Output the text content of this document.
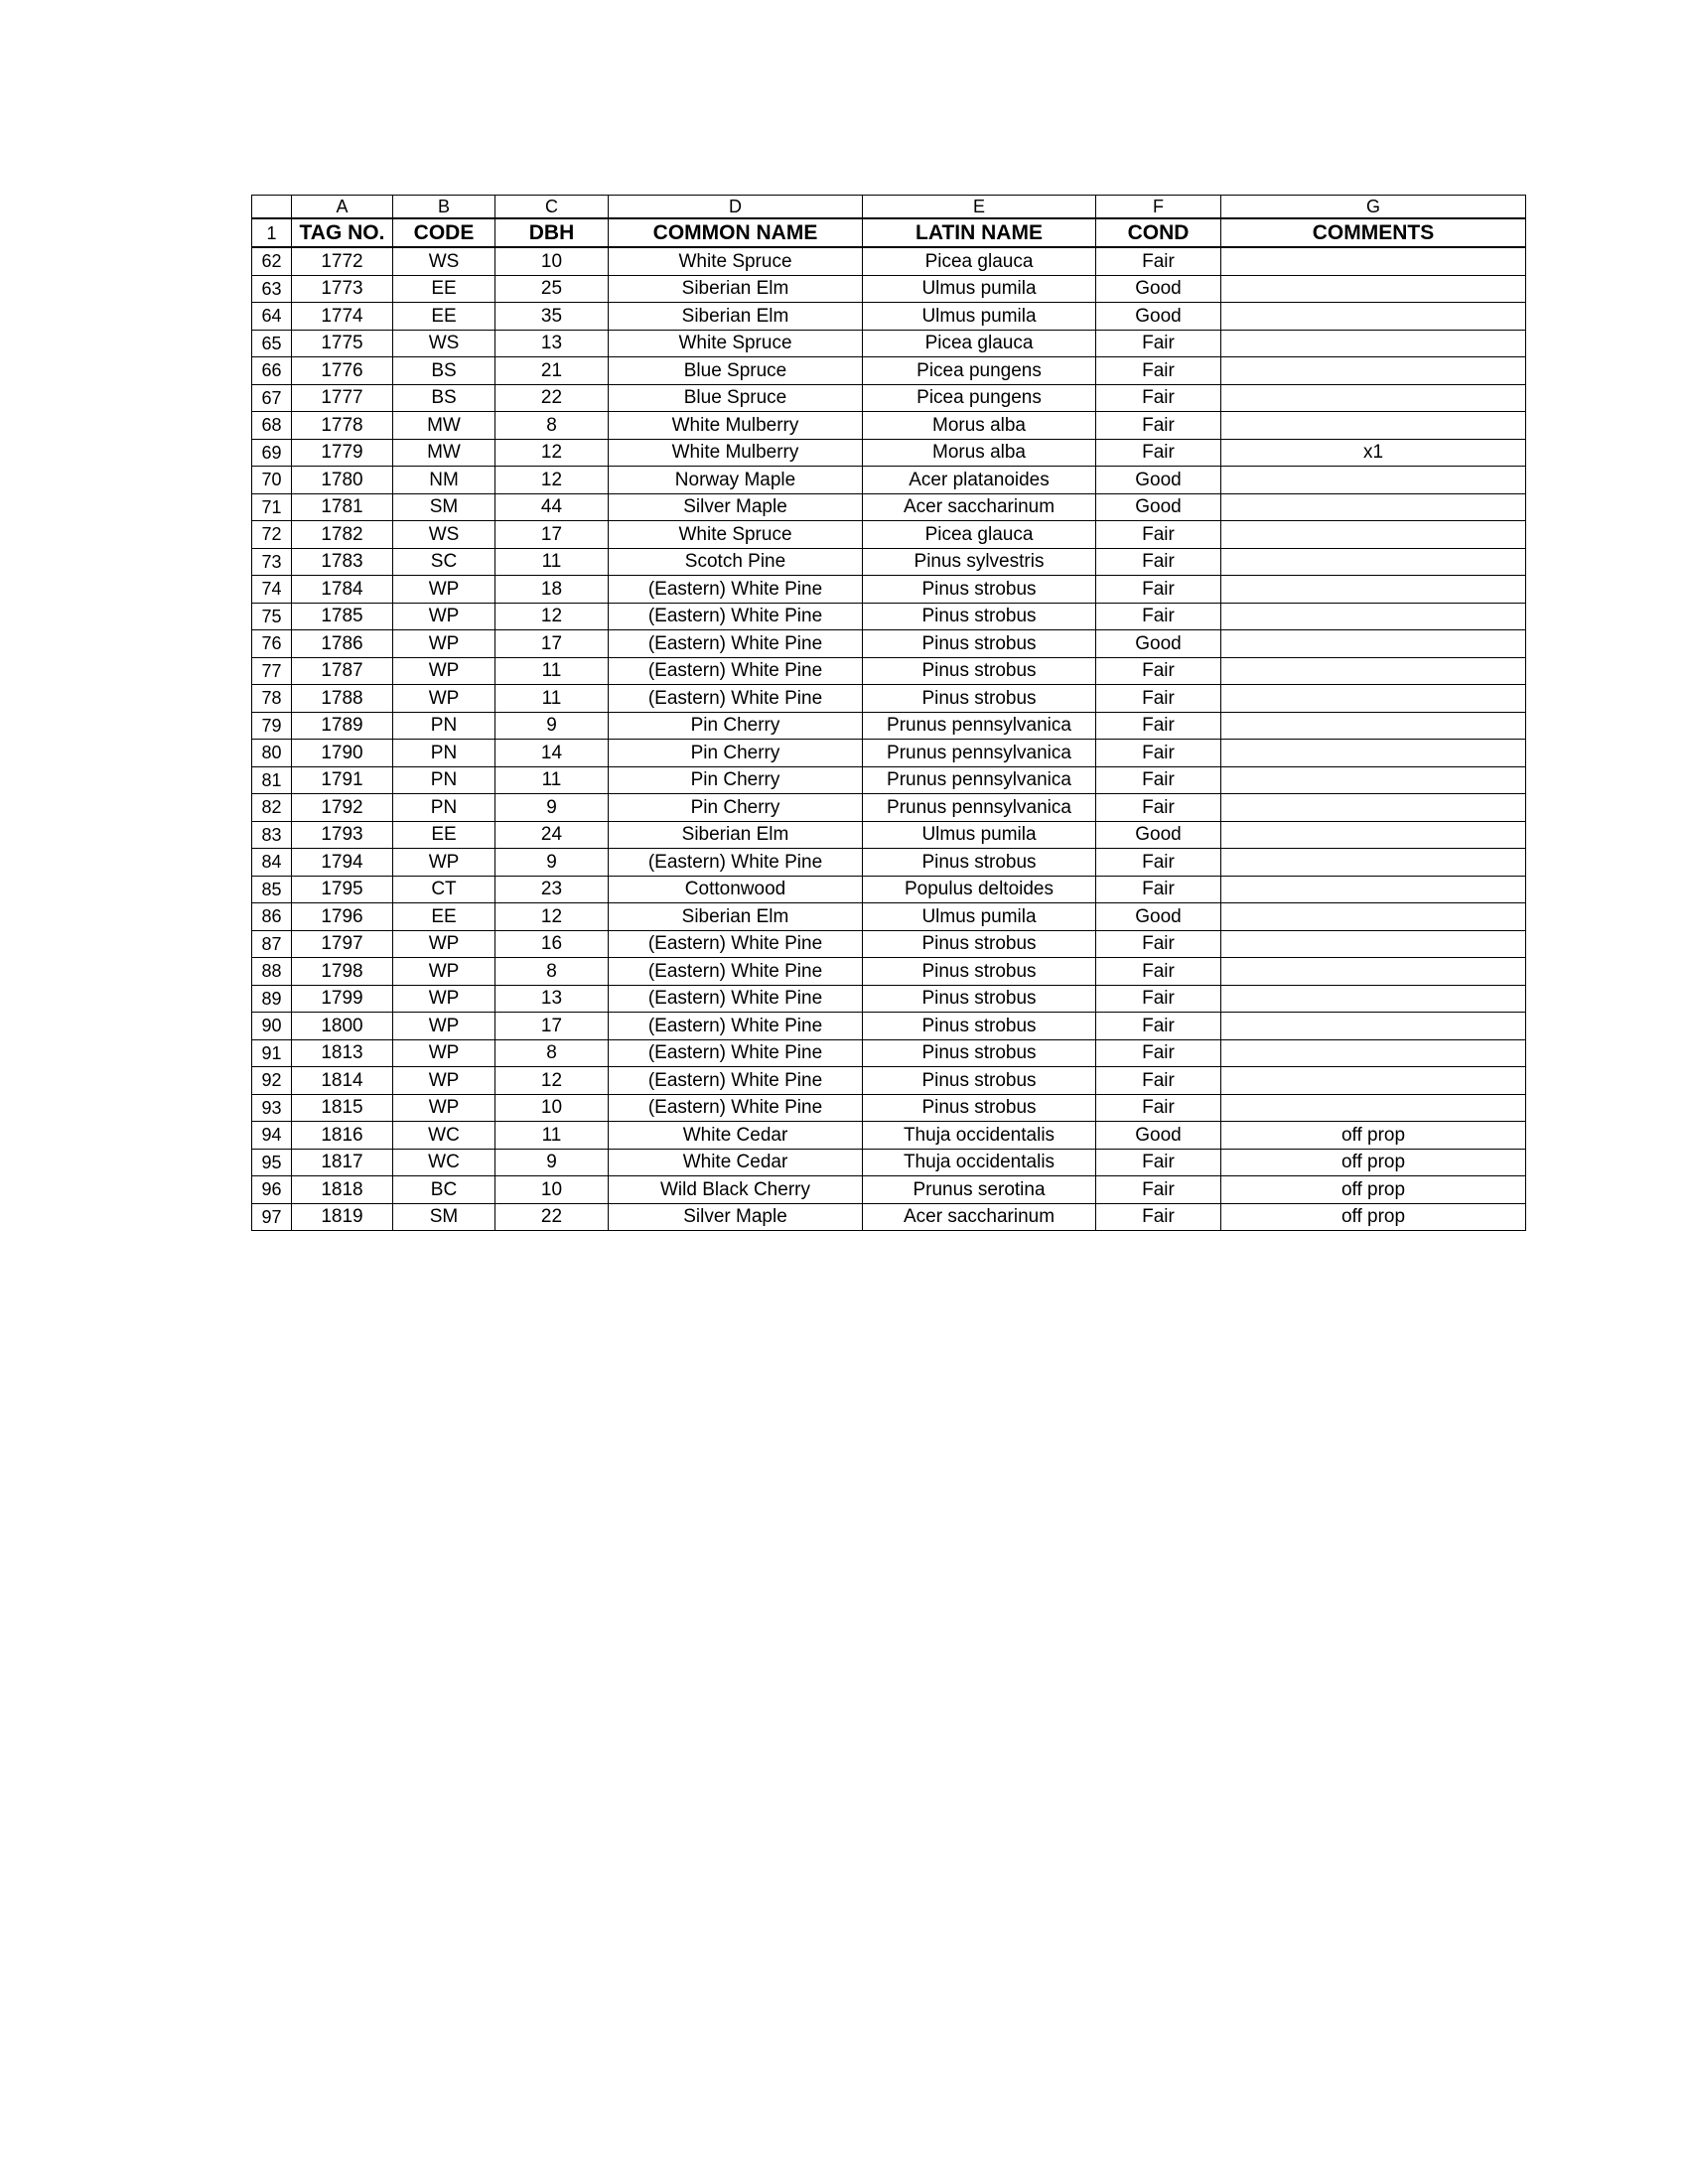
	A	B	C	D	E	F	G
1	TAG NO.	CODE	DBH	COMMON NAME	LATIN NAME	COND	COMMENTS
62	1772	WS	10	White Spruce	Picea glauca	Fair	
63	1773	EE	25	Siberian Elm	Ulmus pumila	Good	
64	1774	EE	35	Siberian Elm	Ulmus pumila	Good	
65	1775	WS	13	White Spruce	Picea glauca	Fair	
66	1776	BS	21	Blue Spruce	Picea pungens	Fair	
67	1777	BS	22	Blue Spruce	Picea pungens	Fair	
68	1778	MW	8	White Mulberry	Morus alba	Fair	
69	1779	MW	12	White Mulberry	Morus alba	Fair	x1
70	1780	NM	12	Norway Maple	Acer platanoides	Good	
71	1781	SM	44	Silver Maple	Acer saccharinum	Good	
72	1782	WS	17	White Spruce	Picea glauca	Fair	
73	1783	SC	11	Scotch Pine	Pinus sylvestris	Fair	
74	1784	WP	18	(Eastern) White Pine	Pinus strobus	Fair	
75	1785	WP	12	(Eastern) White Pine	Pinus strobus	Fair	
76	1786	WP	17	(Eastern) White Pine	Pinus strobus	Good	
77	1787	WP	11	(Eastern) White Pine	Pinus strobus	Fair	
78	1788	WP	11	(Eastern) White Pine	Pinus strobus	Fair	
79	1789	PN	9	Pin Cherry	Prunus pennsylvanica	Fair	
80	1790	PN	14	Pin Cherry	Prunus pennsylvanica	Fair	
81	1791	PN	11	Pin Cherry	Prunus pennsylvanica	Fair	
82	1792	PN	9	Pin Cherry	Prunus pennsylvanica	Fair	
83	1793	EE	24	Siberian Elm	Ulmus pumila	Good	
84	1794	WP	9	(Eastern) White Pine	Pinus strobus	Fair	
85	1795	CT	23	Cottonwood	Populus deltoides	Fair	
86	1796	EE	12	Siberian Elm	Ulmus pumila	Good	
87	1797	WP	16	(Eastern) White Pine	Pinus strobus	Fair	
88	1798	WP	8	(Eastern) White Pine	Pinus strobus	Fair	
89	1799	WP	13	(Eastern) White Pine	Pinus strobus	Fair	
90	1800	WP	17	(Eastern) White Pine	Pinus strobus	Fair	
91	1813	WP	8	(Eastern) White Pine	Pinus strobus	Fair	
92	1814	WP	12	(Eastern) White Pine	Pinus strobus	Fair	
93	1815	WP	10	(Eastern) White Pine	Pinus strobus	Fair	
94	1816	WC	11	White Cedar	Thuja occidentalis	Good	off prop
95	1817	WC	9	White Cedar	Thuja occidentalis	Fair	off prop
96	1818	BC	10	Wild Black Cherry	Prunus serotina	Fair	off prop
97	1819	SM	22	Silver Maple	Acer saccharinum	Fair	off prop
